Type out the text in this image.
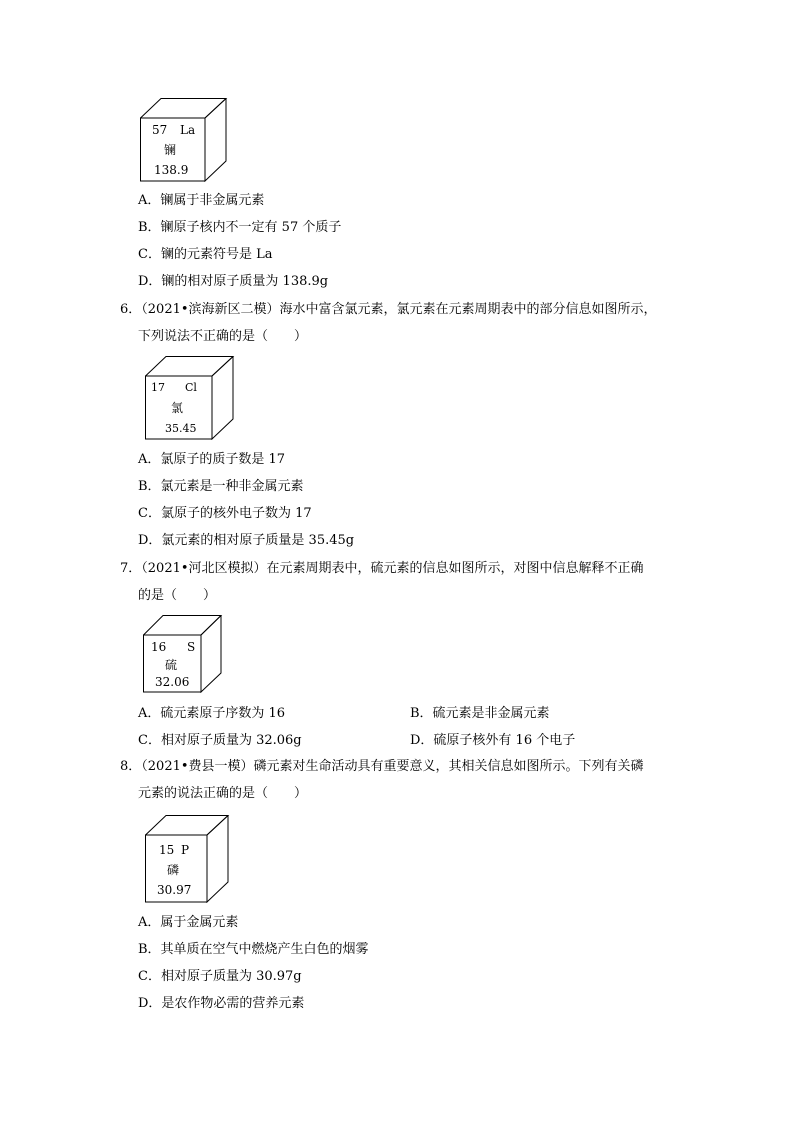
57 La
镧
138.9
A．镧属于非金属元素
B．镧原子核内不一定有 57 个质子
C．镧的元素符号是 La
D．镧的相对原子质量为 138.9g
6．（2021•滨海新区二模）海水中富含氯元素，氯元素在元素周期表中的部分信息如图所示，
下列说法不正确的是（　　）
17 Cl
氯
35.45
A．氯原子的质子数是 17
B．氯元素是一种非金属元素
C．氯原子的核外电子数为 17
D．氯元素的相对原子质量是 35.45g
7．（2021•河北区模拟）在元素周期表中，硫元素的信息如图所示，对图中信息解释不正确
的是（　　）
16 S
硫
32.06
A．硫元素原子序数为 16	B．硫元素是非金属元素
C．相对原子质量为 32.06g	D．硫原子核外有 16 个电子
8．（2021•费县一模）磷元素对生命活动具有重要意义，其相关信息如图所示。下列有关磷
元素的说法正确的是（　　）
15 P
磷
30.97
A．属于金属元素
B．其单质在空气中燃烧产生白色的烟雾
C．相对原子质量为 30.97g
D．是农作物必需的营养元素
